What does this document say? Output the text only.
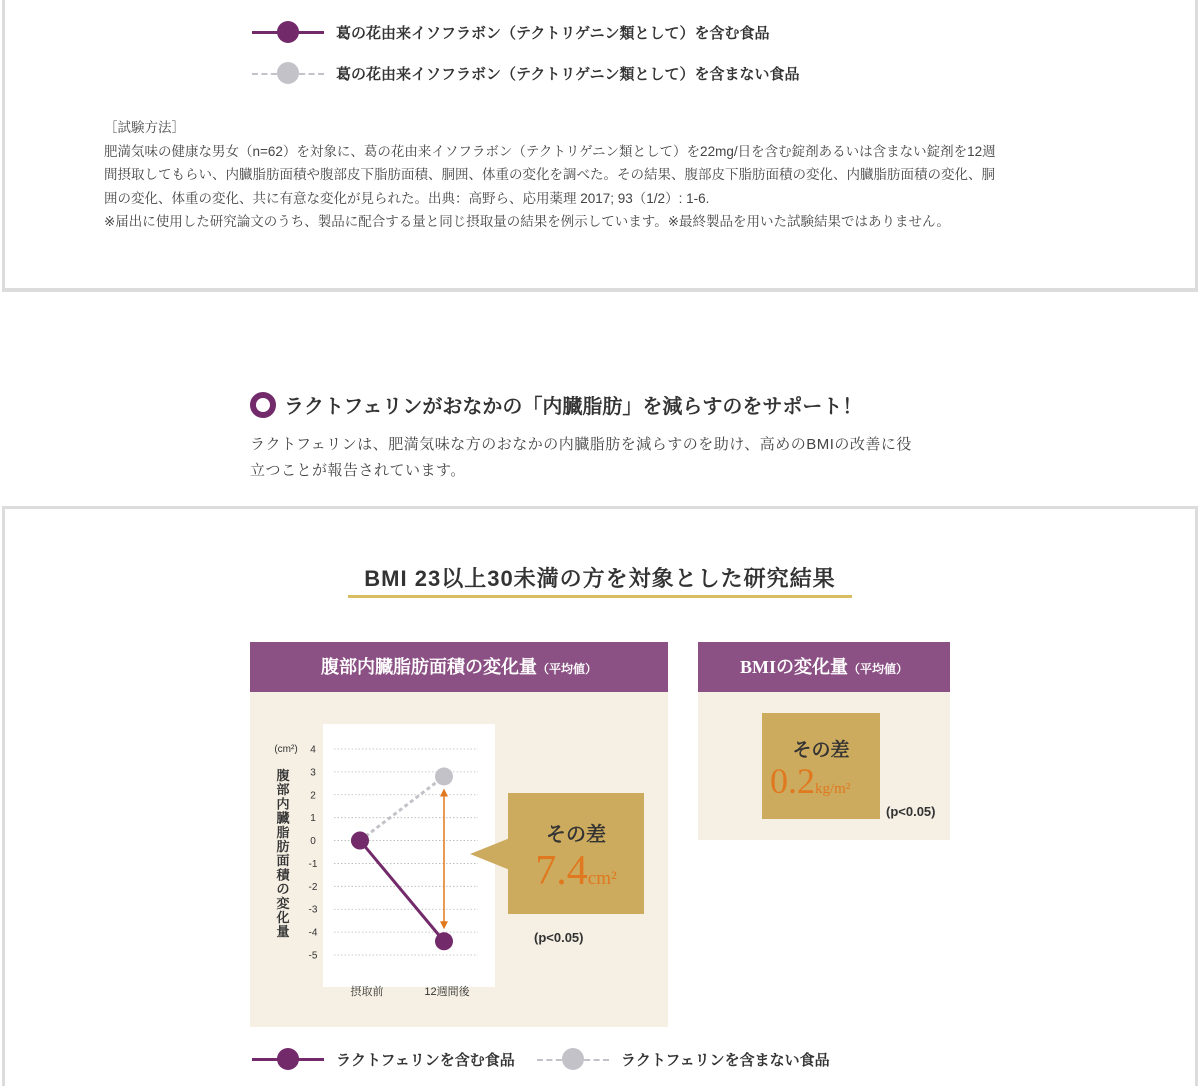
葛の花由来イソフラボン（テクトリゲニン類として）を含む食品
葛の花由来イソフラボン（テクトリゲニン類として）を含まない食品

［試験方法］

肥満気味の健康な男女（n=62）を対象に、葛の花由来イソフラボン（テクトリゲニン類として）を22mg/日を含む錠剤あるいは含まない錠剤を12週

間摂取してもらい、内臓脂肪面積や腹部皮下脂肪面積、胴囲、体重の変化を調べた。その結果、腹部皮下脂肪面積の変化、内臓脂肪面積の変化、胴

囲の変化、体重の変化、共に有意な変化が見られた。出典：高野ら、応用薬理 2017; 93（1/2）: 1-6.

※届出に使用した研究論文のうち、製品に配合する量と同じ摂取量の結果を例示しています。※最終製品を用いた試験結果ではありません。

ラクトフェリンがおなかの「内臓脂肪」を減らすのをサポート！
ラクトフェリンは、肥満気味な方のおなかの内臓脂肪を減らすのを助け、高めのBMIの改善に役
立つことが報告されています。
BMI 23以上30未満の方を対象とした研究結果
腹部内臓脂肪面積の変化量（平均値）
4
3
2
1
0
-1
-2
-3
-4
-5
摂取前	12週間後
(cm²)
腹部内臓脂肪面積の変化量
その差
7.4cm²
(p<0.05)
BMIの変化量（平均値）
その差
0.2kg/m²
(p<0.05)
ラクトフェリンを含む食品	ラクトフェリンを含まない食品
